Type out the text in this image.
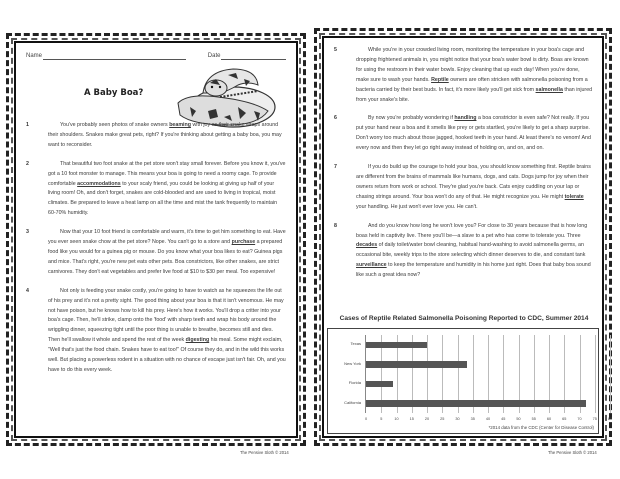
Name	Date
A Baby Boa?
1	You've probably seen photos of snake owners beaming with joy as their snake wraps around their shoulders. Snakes make great pets, right? If you're thinking about getting a baby boa, you may want to reconsider.
2	That beautiful two foot snake at the pet store won't stay small forever. Before you know it, you've got a 10 foot monster to manage. This means your boa is going to need a roomy cage. To provide comfortable accommodations to your scaly friend, you could be looking at giving up half of your living room! Oh, and don't forget, snakes are cold-blooded and are used to living in tropical, moist climates. Be prepared to leave a heat lamp on all the time and mist the tank frequently to maintain 60-70% humidity.
3	Now that your 10 foot friend is comfortable and warm, it's time to get him something to eat. Have you ever seen snake chow at the pet store? Nope. You can't go to a store and purchase a prepared food like you would for a guinea pig or mouse. Do you know what your boa likes to eat? Guinea pigs and mice. That's right, you're new pet eats other pets. Boa constrictors, like other snakes, are strict carnivores. They don't eat vegetables and prefer live food at $10 to $30 per meal. Too expensive!
4	Not only is feeding your snake costly, you're going to have to watch as he squeezes the life out of his prey and it's not a pretty sight. The good thing about your boa is that it isn't venomous. He may not have poison, but he knows how to kill his prey. Here's how it works. You'll drop a critter into your boa's cage. Then, he'll strike, clamp onto the 'food' with sharp teeth and wrap his body around the wriggling dinner, squeezing tight until the poor thing is unable to breathe, becomes still and dies. Then he'll swallow it whole and spend the rest of the week digesting his meal. Some might exclaim, "Well that's just the food chain. Snakes have to eat too!" Of course they do, and in the wild this works well. But placing a powerless rodent in a situation with no chance of escape just isn't fair. Oh, and you have to do this every week.
The Pensive Sloth © 2014
5	While you're in your crowded living room, monitoring the temperature in your boa's cage and dropping frightened animals in, you might notice that your boa's water bowl is dirty. Boas are known for using the restroom in their water bowls. Enjoy cleaning that up each day! When you're done, make sure to wash your hands. Reptile owners are often stricken with salmonella poisoning from a bacteria carried by their best buds. In fact, it's more likely you'll get sick from salmonella than injured from your snake's bite.
6	By now you're probably wondering if handling a boa constrictor is even safe? Not really. If you put your hand near a boa and it smells like prey or gets startled, you're likely to get a sharp surprise. Don't worry too much about those jagged, hooked teeth in your hand. At least there's no venom! And every now and then they let go right away instead of holding on, and on, and on.
7	If you do build up the courage to hold your boa, you should know something first. Reptile brains are different from the brains of mammals like humans, dogs, and cats. Dogs jump for joy when their owners return from work or school. They're glad you're back. Cats enjoy cuddling on your lap or chasing strings around. Your boa won't do any of that. He might recognize you. He might tolerate your handling. He just won't ever love you. He can't.
8	And do you know how long he won't love you? For close to 30 years because that is how long boas held in captivity live. There you'll be—a slave to a pet who has come to tolerate you. Three decades of daily toilet/water bowl cleaning, habitual hand-washing to avoid salmonella germs, an occasional bite, weekly trips to the store selecting which dinner deserves to die, and constant tank surveillance to keep the temperature and humidity in his home just right. Does that baby boa sound like such a great idea now?
Cases of Reptile Related Salmonella Poisoning Reported to CDC, Summer 2014
0	5	10	15	20	25	30	35	40	45	50	55	60	65	70	75	80
Texas
New York
Florida
California
*2014 data from the CDC (Center for Disease Control)
The Pensive Sloth © 2014
